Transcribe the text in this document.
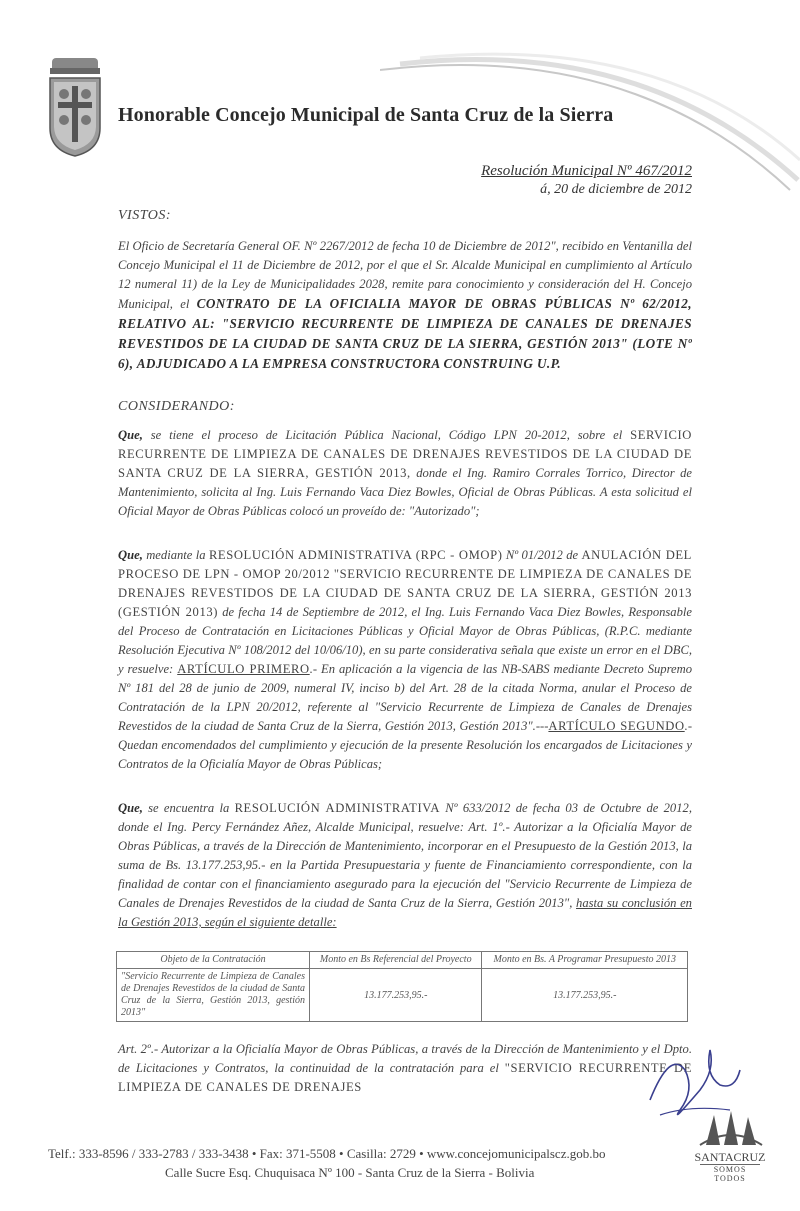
Honorable Concejo Municipal de Santa Cruz de la Sierra
Resolución Municipal Nº 467/2012
á, 20 de diciembre de 2012
VISTOS:
El Oficio de Secretaría General OF. Nº 2267/2012 de fecha 10 de Diciembre de 2012", recibido en Ventanilla del Concejo Municipal el 11 de Diciembre de 2012, por el que el Sr. Alcalde Municipal en cumplimiento al Artículo 12 numeral 11) de la Ley de Municipalidades 2028, remite para conocimiento y consideración del H. Concejo Municipal, el CONTRATO DE LA OFICIALIA MAYOR DE OBRAS PÚBLICAS Nº 62/2012, RELATIVO AL: "SERVICIO RECURRENTE DE LIMPIEZA DE CANALES DE DRENAJES REVESTIDOS DE LA CIUDAD DE SANTA CRUZ DE LA SIERRA, GESTIÓN 2013" (LOTE Nº 6), ADJUDICADO A LA EMPRESA CONSTRUCTORA CONSTRUING U.P.
CONSIDERANDO:
Que, se tiene el proceso de Licitación Pública Nacional, Código LPN 20-2012, sobre el SERVICIO RECURRENTE DE LIMPIEZA DE CANALES DE DRENAJES REVESTIDOS DE LA CIUDAD DE SANTA CRUZ DE LA SIERRA, GESTIÓN 2013, donde el Ing. Ramiro Corrales Torrico, Director de Mantenimiento, solicita al Ing. Luis Fernando Vaca Diez Bowles, Oficial de Obras Públicas. A esta solicitud el Oficial Mayor de Obras Públicas colocó un proveído de: "Autorizado";
Que, mediante la RESOLUCIÓN ADMINISTRATIVA (RPC - OMOP) Nº 01/2012 de ANULACIÓN DEL PROCESO DE LPN - OMOP 20/2012 "SERVICIO RECURRENTE DE LIMPIEZA DE CANALES DE DRENAJES REVESTIDOS DE LA CIUDAD DE SANTA CRUZ DE LA SIERRA, GESTIÓN 2013 (GESTIÓN 2013) de fecha 14 de Septiembre de 2012, el Ing. Luis Fernando Vaca Diez Bowles, Responsable del Proceso de Contratación en Licitaciones Públicas y Oficial Mayor de Obras Públicas, (R.P.C. mediante Resolución Ejecutiva Nº 108/2012 del 10/06/10), en su parte considerativa señala que existe un error en el DBC, y resuelve: ARTÍCULO PRIMERO.- En aplicación a la vigencia de las NB-SABS mediante Decreto Supremo Nº 181 del 28 de junio de 2009, numeral IV, inciso b) del Art. 28 de la citada Norma, anular el Proceso de Contratación de la LPN 20/2012, referente al "Servicio Recurrente de Limpieza de Canales de Drenajes Revestidos de la ciudad de Santa Cruz de la Sierra, Gestión 2013, Gestión 2013".---ARTÍCULO SEGUNDO.- Quedan encomendados del cumplimiento y ejecución de la presente Resolución los encargados de Licitaciones y Contratos de la Oficialía Mayor de Obras Públicas;
Que, se encuentra la RESOLUCIÓN ADMINISTRATIVA Nº 633/2012 de fecha 03 de Octubre de 2012, donde el Ing. Percy Fernández Añez, Alcalde Municipal, resuelve: Art. 1º.- Autorizar a la Oficialía Mayor de Obras Públicas, a través de la Dirección de Mantenimiento, incorporar en el Presupuesto de la Gestión 2013, la suma de Bs. 13.177.253,95.- en la Partida Presupuestaria y fuente de Financiamiento correspondiente, con la finalidad de contar con el financiamiento asegurado para la ejecución del "Servicio Recurrente de Limpieza de Canales de Drenajes Revestidos de la ciudad de Santa Cruz de la Sierra, Gestión 2013", hasta su conclusión en la Gestión 2013, según el siguiente detalle:
Objeto de la Contratación	Monto en Bs Referencial del Proyecto	Monto en Bs. A Programar Presupuesto 2013
"Servicio Recurrente de Limpieza de Canales de Drenajes Revestidos de la ciudad de Santa Cruz de la Sierra, Gestión 2013, gestión 2013"	13.177.253,95.-	13.177.253,95.-
Art. 2º.- Autorizar a la Oficialía Mayor de Obras Públicas, a través de la Dirección de Mantenimiento y el Dpto. de Licitaciones y Contratos, la continuidad de la contratación para el "SERVICIO RECURRENTE DE LIMPIEZA DE CANALES DE DRENAJES
SANTACRUZ
SOMOS TODOS
Telf.: 333-8596 / 333-2783 / 333-3438 • Fax: 371-5508 • Casilla: 2729 • www.concejomunicipalscz.gob.bo
Calle Sucre Esq. Chuquisaca Nº 100 - Santa Cruz de la Sierra - Bolivia
